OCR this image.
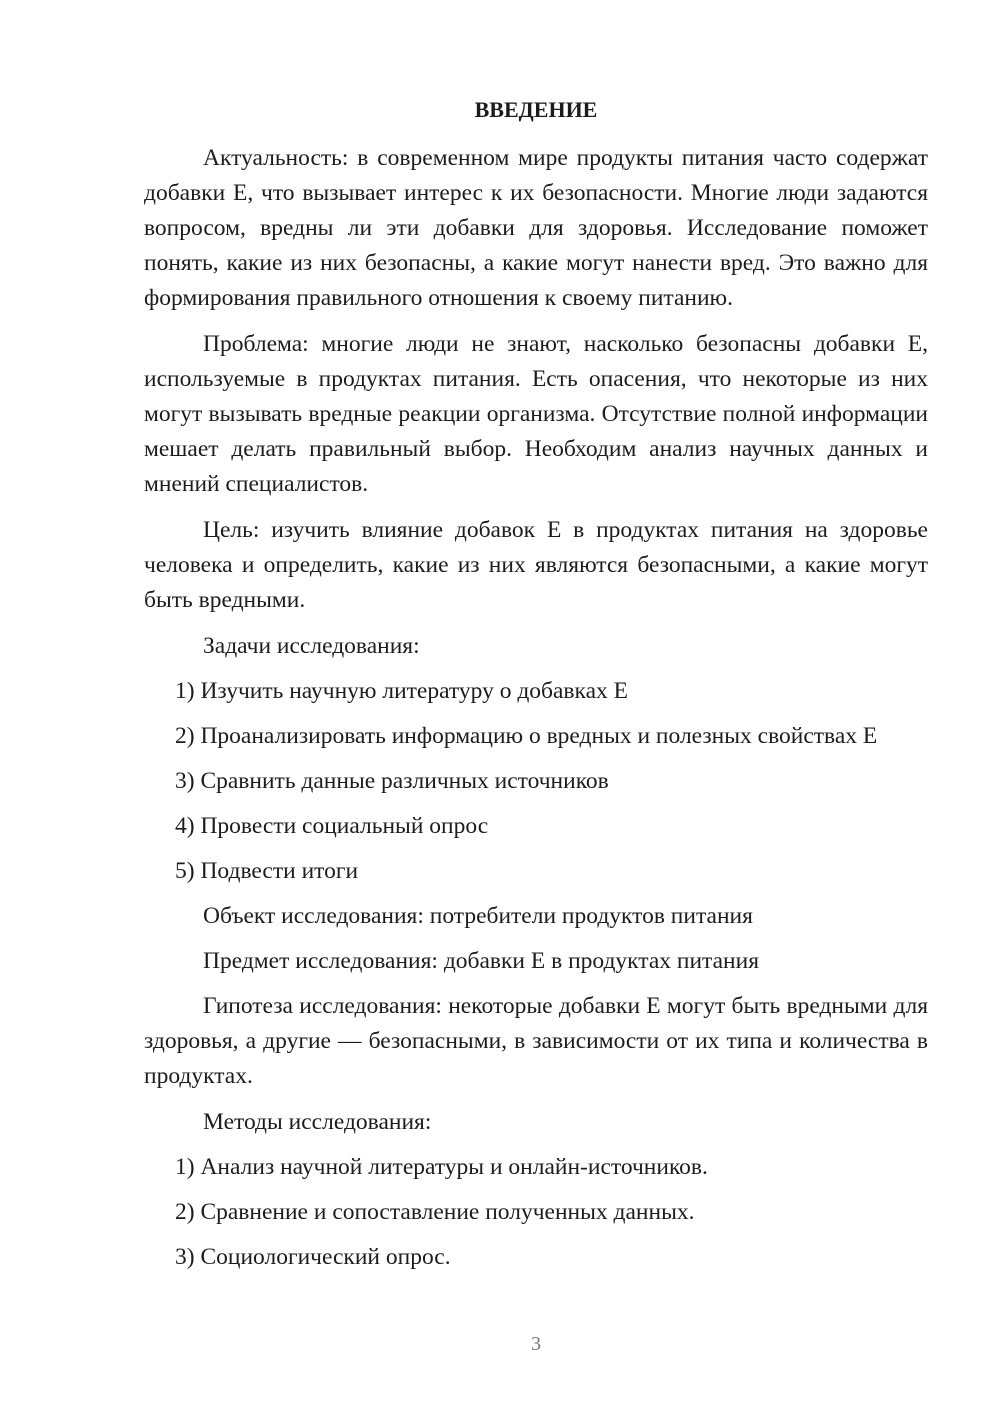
ВВЕДЕНИЕ

Актуальность: в современном мире продукты питания часто содержат добавки Е, что вызывает интерес к их безопасности. Многие люди задаются вопросом, вредны ли эти добавки для здоровья. Исследование поможет понять, какие из них безопасны, а какие могут нанести вред. Это важно для формирования правильного отношения к своему питанию.

Проблема: многие люди не знают, насколько безопасны добавки Е, используемые в продуктах питания. Есть опасения, что некоторые из них могут вызывать вредные реакции организма. Отсутствие полной информации мешает делать правильный выбор. Необходим анализ научных данных и мнений специалистов.

Цель: изучить влияние добавок Е в продуктах питания на здоровье человека и определить, какие из них являются безопасными, а какие могут быть вредными.

Задачи исследования:
1) Изучить научную литературу о добавках Е
2) Проанализировать информацию о вредных и полезных свойствах Е
3) Сравнить данные различных источников
4) Провести социальный опрос
5) Подвести итоги
Объект исследования: потребители продуктов питания
Предмет исследования: добавки Е в продуктах питания

Гипотеза исследования: некоторые добавки Е могут быть вредными для здоровья, а другие — безопасными, в зависимости от их типа и количества в продуктах.

Методы исследования:
1) Анализ научной литературы и онлайн-источников.
2) Сравнение и сопоставление полученных данных.
3) Социологический опрос.
3
